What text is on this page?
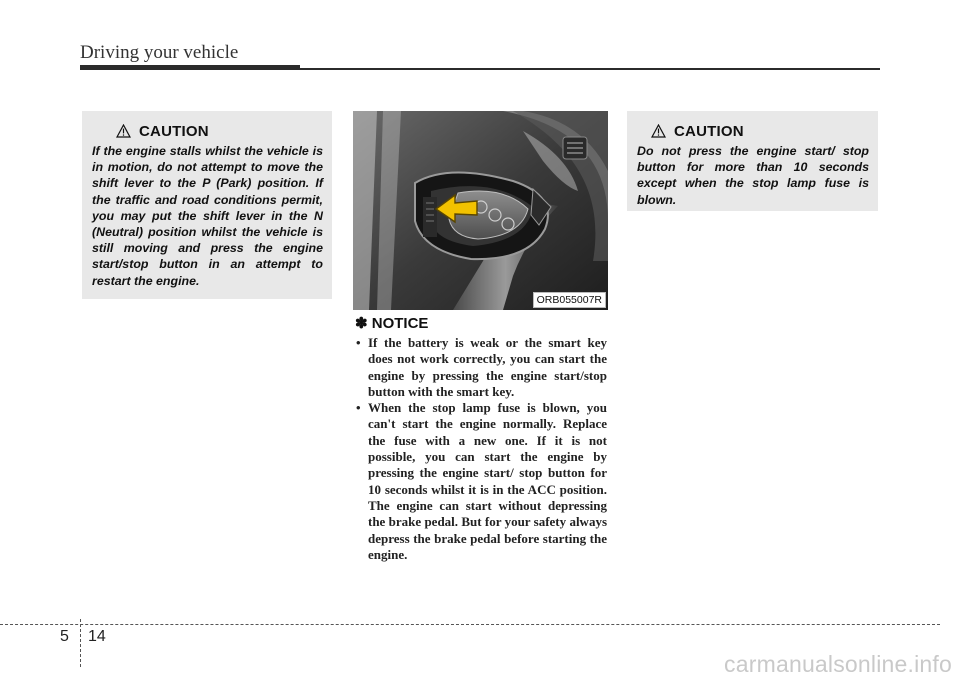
Driving your vehicle
CAUTION
If the engine stalls whilst the vehicle is in motion, do not attempt to move the shift lever to the P (Park) position. If the traffic and road conditions permit, you may put the shift lever in the N (Neutral) position whilst the vehicle is still moving and press the engine start/stop button in an attempt to restart the engine.
ORB055007R
✽ NOTICE
• If the battery is weak or the smart key does not work correctly, you can start the engine by pressing the engine start/stop button with the smart key.
• When the stop lamp fuse is blown, you can't start the engine normally. Replace the fuse with a new one. If it is not possible, you can start the engine by pressing the engine start/ stop button for 10 seconds whilst it is in the ACC position. The engine can start without depressing the brake pedal. But for your safety always depress the brake pedal before starting the engine.
CAUTION
Do not press the engine start/ stop button for more than 10 seconds except when the stop lamp fuse is blown.
5 14
carmanualsonline.info
